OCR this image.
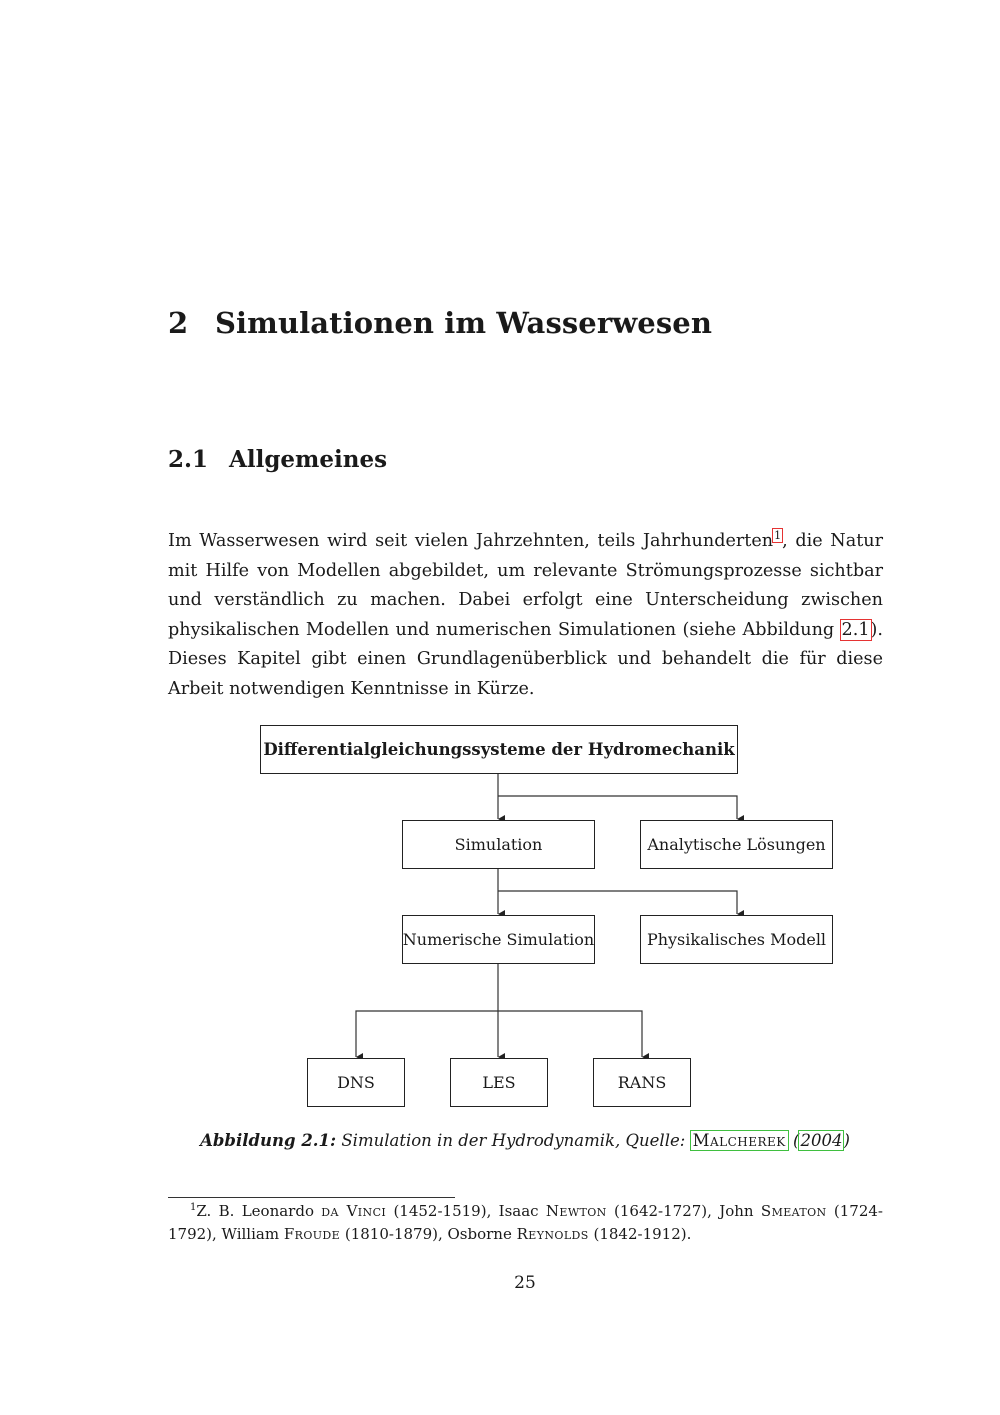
2 Simulationen im Wasserwesen
2.1 Allgemeines

Im Wasserwesen wird seit vielen Jahrzehnten, teils Jahrhunderten$^1$, die Natur mit Hilfe von Modellen abgebildet, um relevante Strömungsprozesse sichtbar und verständlich zu machen. Dabei erfolgt eine Unterscheidung zwischen physikalischen Modellen und numerischen Simulationen (siehe Abbildung 2.1). Dieses Kapitel gibt einen Grundlagenüberblick und behandelt die für diese Arbeit notwendigen Kenntnisse in Kürze.

Differentialgleichungssysteme der Hydromechanik
Simulation	Analytische Lösungen
Numerische Simulation	Physikalisches Modell
DNS	LES	RANS
Abbildung 2.1: Simulation in der Hydrodynamik, Quelle: Malcherek (2004)

$^1$Z. B. Leonardo da Vinci (1452-1519), Isaac Newton (1642-1727), John Smeaton (1724-1792), William Froude (1810-1879), Osborne Reynolds (1842-1912).

25
